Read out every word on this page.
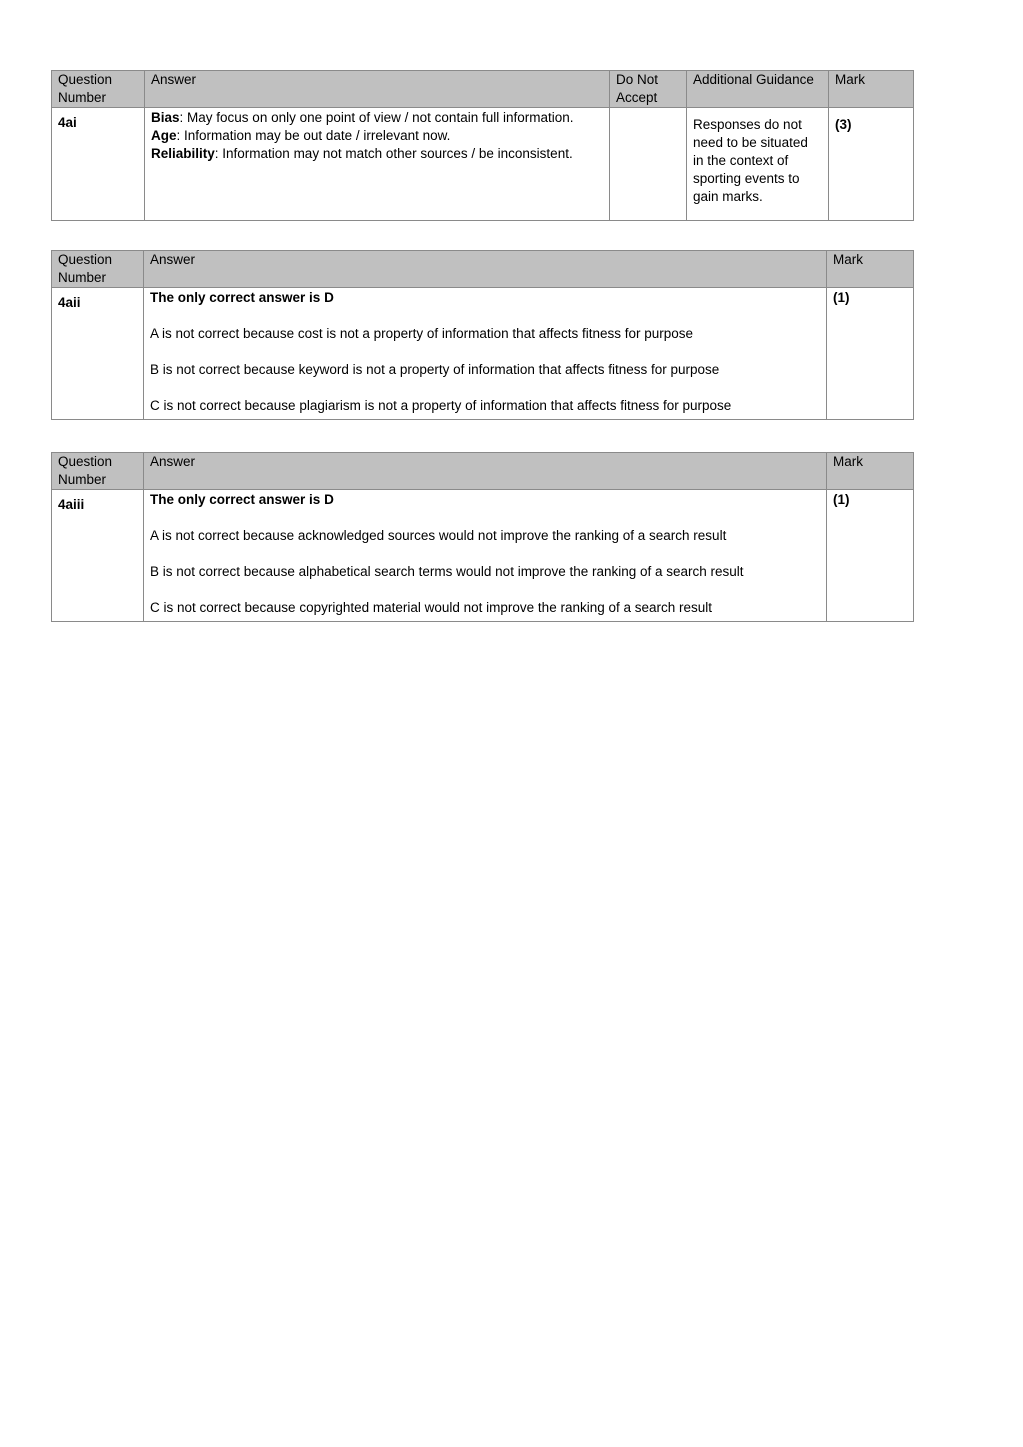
Question Number	Answer	Do Not Accept	Additional Guidance	Mark
4ai	Bias: May focus on only one point of view / not contain full information.
Age: Information may be out date / irrelevant now.
Reliability: Information may not match other sources / be inconsistent.		Responses do not need to be situated in the context of sporting events to gain marks.	(3)
Question Number	Answer	Mark
4aii	The only correct answer is D

A is not correct because cost is not a property of information that affects fitness for purpose

B is not correct because keyword is not a property of information that affects fitness for purpose

C is not correct because plagiarism is not a property of information that affects fitness for purpose	(1)
Question Number	Answer	Mark
4aiii	The only correct answer is D

A is not correct because acknowledged sources would not improve the ranking of a search result

B is not correct because alphabetical search terms would not improve the ranking of a search result

C is not correct because copyrighted material would not improve the ranking of a search result	(1)
